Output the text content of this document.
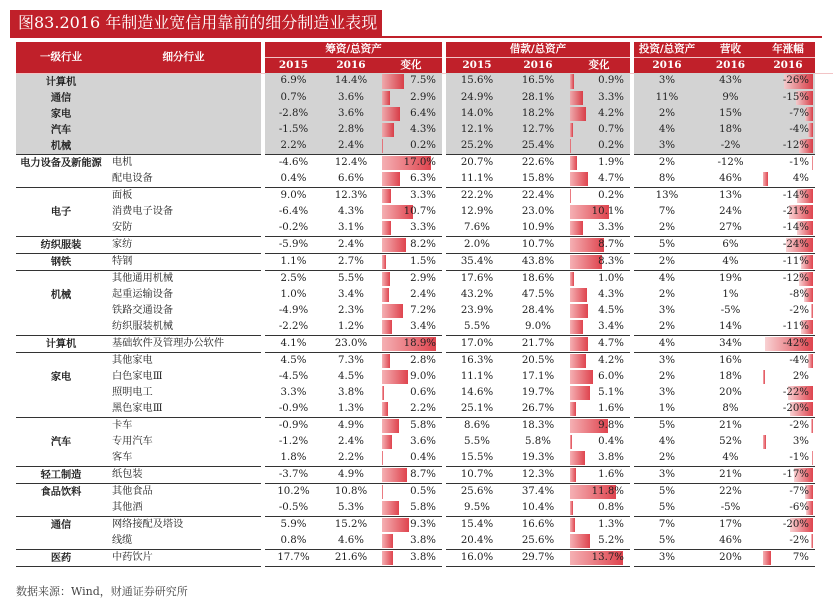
图83.2016 年制造业宽信用靠前的细分制造业表现
一级行业	细分行业		筹资/总资产				借款/总资产				投资/总资产	营收	年涨幅	
			2015	2016	变化		2015	2016	变化		2016	2016	2016	
计算机			6.9%	14.4%	7.5%		15.6%	16.5%	0.9%		3%	43%	-26%	
通信			0.7%	3.6%	2.9%		24.9%	28.1%	3.3%		11%	9%	-15%	
家电			-2.8%	3.6%	6.4%		14.0%	18.2%	4.2%		2%	15%	-7%	
汽车			-1.5%	2.8%	4.3%		12.1%	12.7%	0.7%		4%	18%	-4%	
机械			2.2%	2.4%	0.2%		25.2%	25.4%	0.2%		3%	-2%	-12%	
电力设备及新能源	电机		-4.6%	12.4%	17.0%		20.7%	22.6%	1.9%		2%	-12%	-1%	
	配电设备		0.4%	6.6%	6.3%		11.1%	15.8%	4.7%		8%	46%	4%	
	面板		9.0%	12.3%	3.3%		22.2%	22.4%	0.2%		13%	13%	-14%	
电子	消费电子设备		-6.4%	4.3%	10.7%		12.9%	23.0%	10.1%		7%	24%	-21%	
	安防		-0.2%	3.1%	3.3%		7.6%	10.9%	3.3%		2%	27%	-14%	
纺织服装	家纺		-5.9%	2.4%	8.2%		2.0%	10.7%	8.7%		5%	6%	-24%	
钢铁	特钢		1.1%	2.7%	1.5%		35.4%	43.8%	8.3%		2%	4%	-11%	
	其他通用机械		2.5%	5.5%	2.9%		17.6%	18.6%	1.0%		4%	19%	-12%	
机械	起重运输设备		1.0%	3.4%	2.4%		43.2%	47.5%	4.3%		2%	1%	-8%	
	铁路交通设备		-4.9%	2.3%	7.2%		23.9%	28.4%	4.5%		3%	-5%	-2%	
	纺织服装机械		-2.2%	1.2%	3.4%		5.5%	9.0%	3.4%		2%	14%	-11%	
计算机	基础软件及管理办公软件		4.1%	23.0%	18.9%		17.0%	21.7%	4.7%		4%	34%	-42%	
	其他家电		4.5%	7.3%	2.8%		16.3%	20.5%	4.2%		3%	16%	-4%	
家电	白色家电Ⅲ		-4.5%	4.5%	9.0%		11.1%	17.1%	6.0%		2%	18%	2%	
	照明电工		3.3%	3.8%	0.6%		14.6%	19.7%	5.1%		3%	20%	-22%	
	黑色家电Ⅲ		-0.9%	1.3%	2.2%		25.1%	26.7%	1.6%		1%	8%	-20%	
	卡车		-0.9%	4.9%	5.8%		8.6%	18.3%	9.8%		5%	21%	-2%	
汽车	专用汽车		-1.2%	2.4%	3.6%		5.5%	5.8%	0.4%		4%	52%	3%	
	客车		1.8%	2.2%	0.4%		15.5%	19.3%	3.8%		2%	4%	-1%	
轻工制造	纸包装		-3.7%	4.9%	8.7%		10.7%	12.3%	1.6%		3%	21%	-17%	
食品饮料	其他食品		10.2%	10.8%	0.5%		25.6%	37.4%	11.8%		5%	22%	-7%	
	其他酒		-0.5%	5.3%	5.8%		9.5%	10.4%	0.8%		5%	-5%	-6%	
通信	网络接配及塔设		5.9%	15.2%	9.3%		15.4%	16.6%	1.3%		7%	17%	-20%	
	线缆		0.8%	4.6%	3.8%		20.4%	25.6%	5.2%		5%	46%	-2%	
医药	中药饮片		17.7%	21.6%	3.8%		16.0%	29.7%	13.7%		3%	20%	7%	
数据来源：Wind，财通证券研究所
